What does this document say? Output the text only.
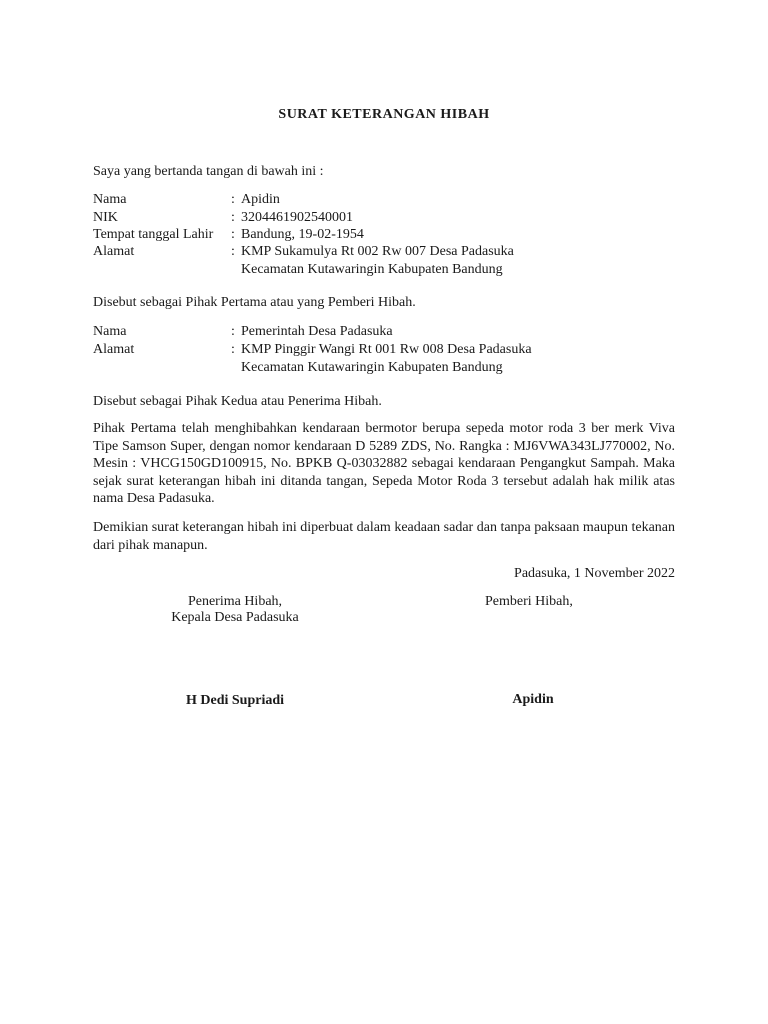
SURAT KETERANGAN HIBAH
Saya yang bertanda tangan di bawah ini :
Nama	: Apidin
NIK	: 3204461902540001
Tempat tanggal Lahir : Bandung, 19-02-1954
Alamat	: KMP Sukamulya Rt 002 Rw 007 Desa Padasuka
Kecamatan Kutawaringin Kabupaten Bandung
Disebut sebagai Pihak Pertama atau yang Pemberi Hibah.
Nama	: Pemerintah Desa Padasuka
Alamat	: KMP Pinggir Wangi Rt 001 Rw 008 Desa Padasuka
Kecamatan Kutawaringin Kabupaten Bandung
Disebut sebagai Pihak Kedua atau Penerima Hibah.
Pihak Pertama telah menghibahkan kendaraan bermotor berupa sepeda motor roda 3 ber merk Viva Tipe Samson Super, dengan nomor kendaraan D 5289 ZDS, No. Rangka : MJ6VWA343LJ770002, No. Mesin : VHCG150GD100915, No. BPKB Q-03032882 sebagai kendaraan Pengangkut Sampah. Maka sejak surat keterangan hibah ini ditanda tangan, Sepeda Motor Roda 3 tersebut adalah hak milik atas nama Desa Padasuka.
Demikian surat keterangan hibah ini diperbuat dalam keadaan sadar dan tanpa paksaan maupun tekanan dari pihak manapun.
Padasuka, 1 November 2022
Penerima Hibah,
Kepala Desa Padasuka
Pemberi Hibah,
H Dedi Supriadi	Apidin
